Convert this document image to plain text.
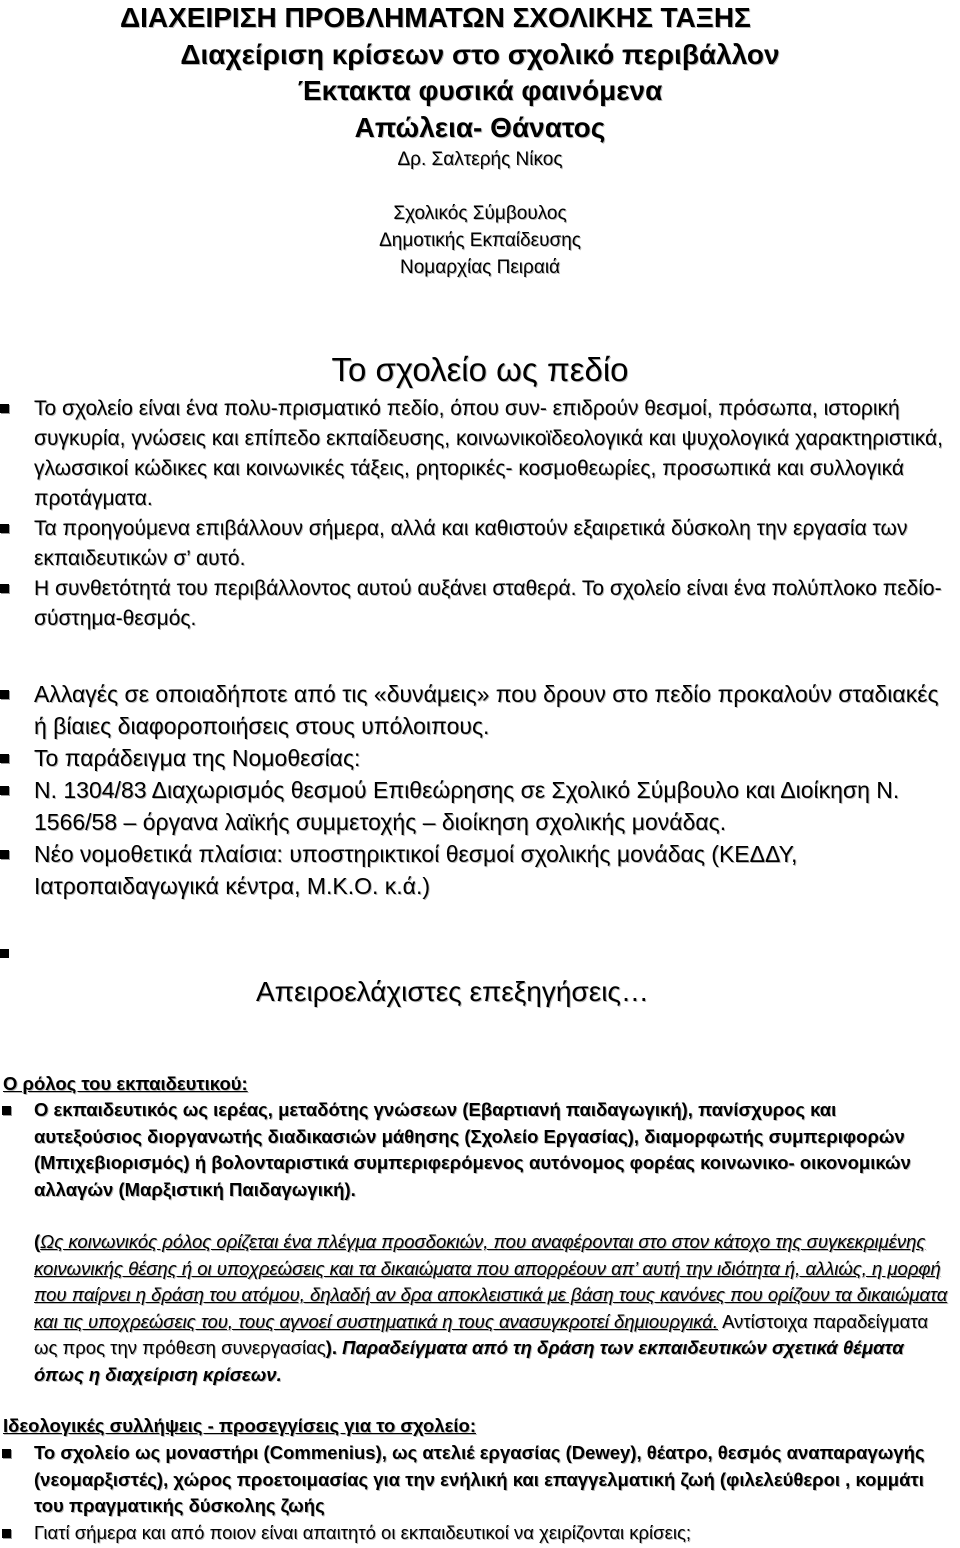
ΔΙΑΧΕΙΡΙΣΗ ΠΡΟΒΛΗΜΑΤΩΝ ΣΧΟΛΙΚΗΣ ΤΑΞΗΣ
Διαχείριση κρίσεων στο σχολικό περιβάλλον
Έκτακτα φυσικά φαινόμενα
Απώλεια- Θάνατος
Δρ. Σαλτερής Νίκος
Σχολικός Σύμβουλος
Δημοτικής Εκπαίδευσης
Νομαρχίας Πειραιά
Το σχολείο ως πεδίο
Το σχολείο είναι ένα πολυ-πρισματικό πεδίο, όπου συν- επιδρούν θεσμοί, πρόσωπα, ιστορική συγκυρία, γνώσεις και επίπεδο εκπαίδευσης, κοινωνικοϊδεολογικά και ψυχολογικά χαρακτηριστικά, γλωσσικοί κώδικες και κοινωνικές τάξεις, ρητορικές- κοσμοθεωρίες, προσωπικά και συλλογικά προτάγματα.
Τα προηγούμενα επιβάλλουν σήμερα, αλλά και καθιστούν εξαιρετικά δύσκολη την εργασία των εκπαιδευτικών σ’ αυτό.
Η συνθετότητά του περιβάλλοντος αυτού αυξάνει σταθερά. Το σχολείο είναι ένα πολύπλοκο πεδίο-σύστημα-θεσμός.
Αλλαγές σε οποιαδήποτε από τις «δυνάμεις» που δρουν στο πεδίο προκαλούν σταδιακές ή βίαιες διαφοροποιήσεις στους υπόλοιπους.
Το παράδειγμα της Νομοθεσίας:
Ν. 1304/83 Διαχωρισμός θεσμού Επιθεώρησης σε Σχολικό Σύμβουλο και Διοίκηση Ν. 1566/58 – όργανα λαϊκής συμμετοχής – διοίκηση σχολικής μονάδας.
Νέο νομοθετικά πλαίσια: υποστηρικτικοί θεσμοί σχολικής μονάδας (ΚΕΔΔΥ, Ιατροπαιδαγωγικά κέντρα, Μ.Κ.Ο. κ.ά.)
Απειροελάχιστες επεξηγήσεις…
Ο ρόλος του εκπαιδευτικού:
Ο εκπαιδευτικός ως ιερέας, μεταδότης γνώσεων (Εβαρτιανή παιδαγωγική), πανίσχυρος και αυτεξούσιος διοργανωτής διαδικασιών μάθησης (Σχολείο Εργασίας), διαμορφωτής συμπεριφορών (Μπιχεβιορισμός) ή βολονταριστικά συμπεριφερόμενος αυτόνομος φορέας κοινωνικο- οικονομικών αλλαγών (Μαρξιστική Παιδαγωγική).
(Ως κοινωνικός ρόλος ορίζεται ένα πλέγμα προσδοκιών, που αναφέρονται στο στον κάτοχο της συγκεκριμένης κοινωνικής θέσης ή οι υποχρεώσεις και τα δικαιώματα που απορρέουν απ’ αυτή την ιδιότητα ή, αλλιώς, η μορφή που παίρνει η δράση του ατόμου, δηλαδή αν δρα αποκλειστικά με βάση τους κανόνες που ορίζουν τα δικαιώματα και τις υποχρεώσεις του, τους αγνοεί συστηματικά η τους ανασυγκροτεί δημιουργικά. Αντίστοιχα παραδείγματα ως προς την πρόθεση συνεργασίας). Παραδείγματα από τη δράση των εκπαιδευτικών σχετικά θέματα όπως η διαχείριση κρίσεων.
Ιδεολογικές συλλήψεις - προσεγγίσεις για το σχολείο:
Το σχολείο ως μοναστήρι (Commenius), ως ατελιέ εργασίας (Dewey), θέατρο, θεσμός αναπαραγωγής (νεομαρξιστές), χώρος προετοιμασίας για την ενήλική και επαγγελματική ζωή (φιλελεύθεροι , κομμάτι του πραγματικής δύσκολης ζωής
Γιατί σήμερα και από ποιον είναι απαιτητό οι εκπαιδευτικοί να χειρίζονται κρίσεις;
